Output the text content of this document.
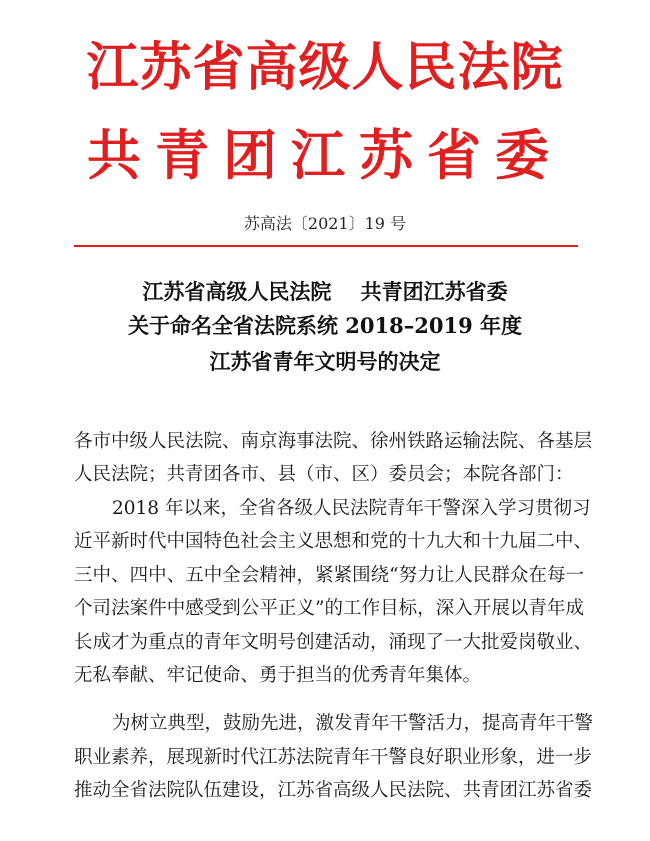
江苏省高级人民法院
共青团江苏省委
苏高法〔2021〕19 号
江苏省高级人民法院    共青团江苏省委
关于命名全省法院系统 2018–2019 年度
江苏省青年文明号的决定
各市中级人民法院、南京海事法院、徐州铁路运输法院、各基层
人民法院；共青团各市、县（市、区）委员会；本院各部门：
2018 年以来，全省各级人民法院青年干警深入学习贯彻习
近平新时代中国特色社会主义思想和党的十九大和十九届二中、
三中、四中、五中全会精神，紧紧围绕“努力让人民群众在每一
个司法案件中感受到公平正义”的工作目标，深入开展以青年成
长成才为重点的青年文明号创建活动，涌现了一大批爱岗敬业、
无私奉献、牢记使命、勇于担当的优秀青年集体。
为树立典型，鼓励先进，激发青年干警活力，提高青年干警
职业素养，展现新时代江苏法院青年干警良好职业形象，进一步
推动全省法院队伍建设，江苏省高级人民法院、共青团江苏省委
